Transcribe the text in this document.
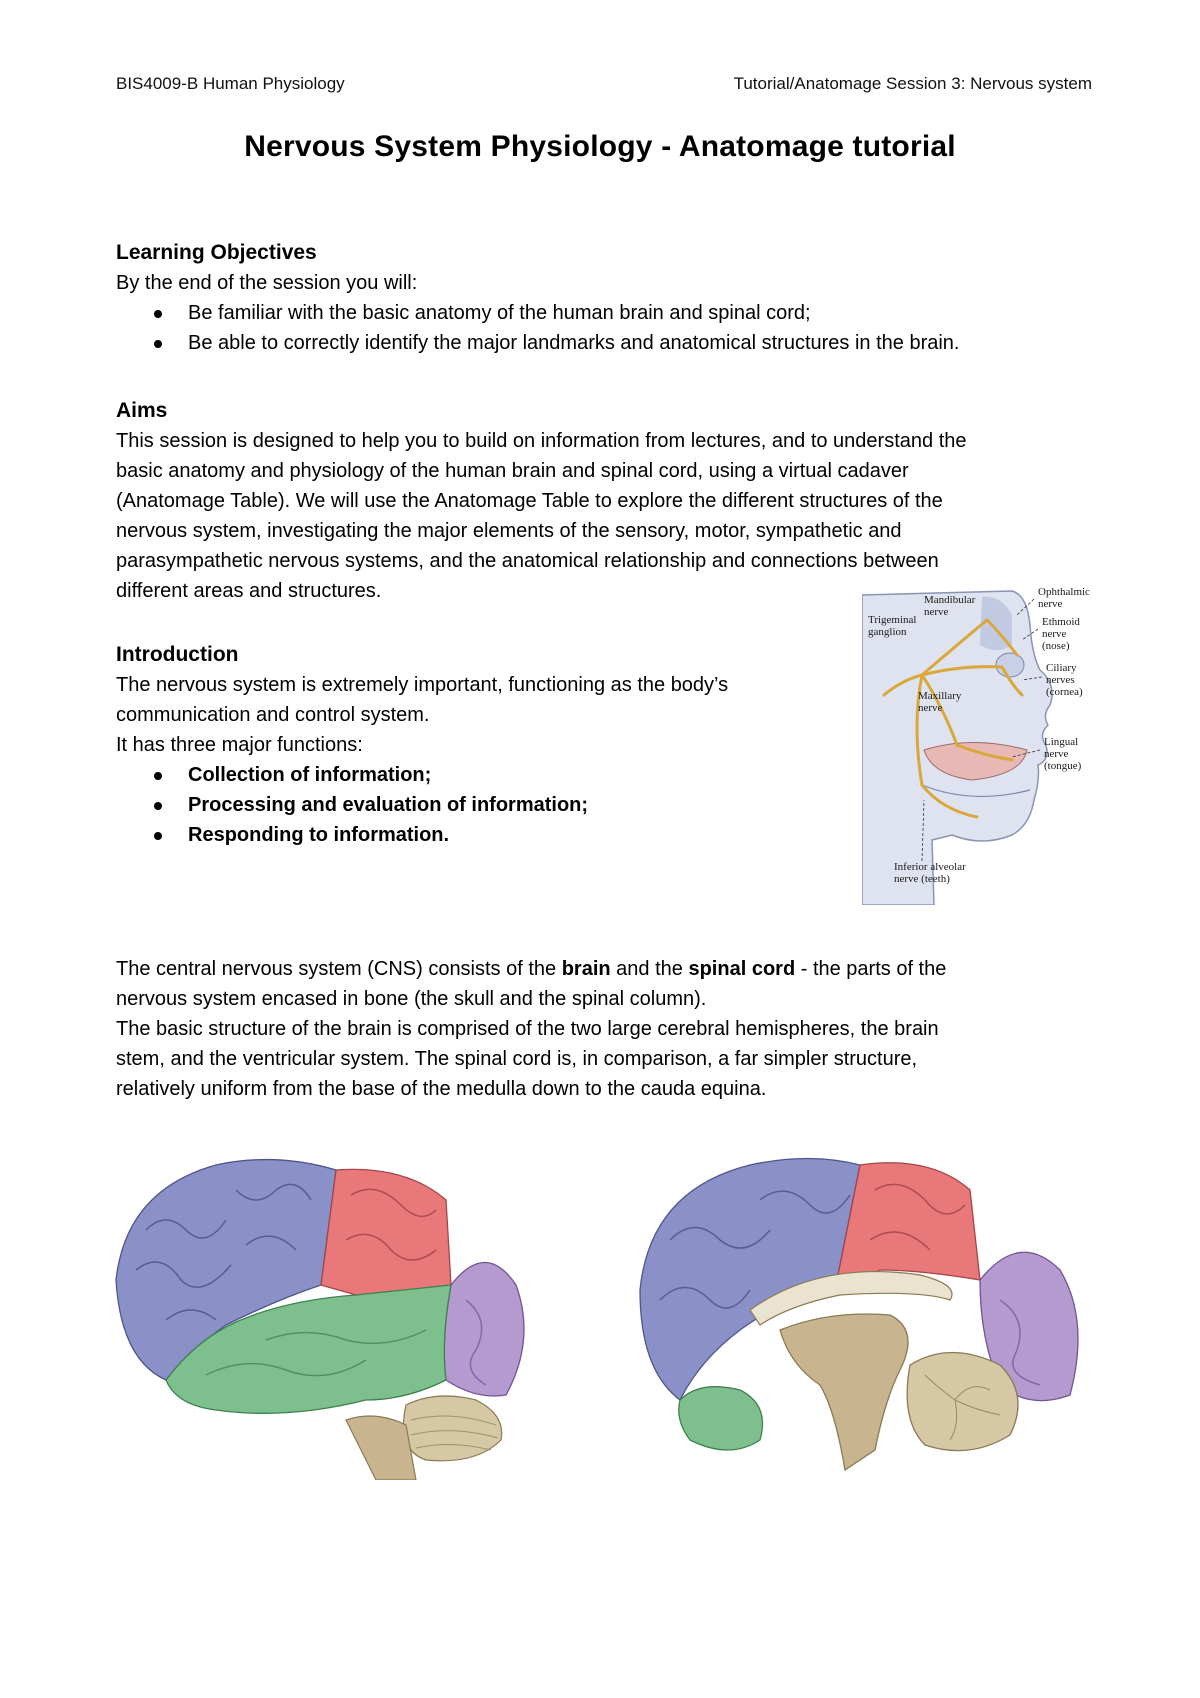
BIS4009-B Human Physiology	Tutorial/Anatomage Session 3: Nervous system
Nervous System Physiology - Anatomage tutorial
Learning Objectives
By the end of the session you will:
Be familiar with the basic anatomy of the human brain and spinal cord;
Be able to correctly identify the major landmarks and anatomical structures in the brain.
Aims
This session is designed to help you to build on information from lectures, and to understand the
basic anatomy and physiology of the human brain and spinal cord, using a virtual cadaver
(Anatomage Table). We will use the Anatomage Table to explore the different structures of the
nervous system, investigating the major elements of the sensory, motor, sympathetic and
parasympathetic nervous systems, and the anatomical relationship and connections between
different areas and structures.
Introduction
The nervous system is extremely important, functioning as the body’s
communication and control system.
It has three major functions:
Collection of information;
Processing and evaluation of information;
Responding to information.
Mandibular
nerve
Trigeminal
ganglion
Maxillary
nerve
Ophthalmic
nerve
Ethmoid
nerve
(nose)
Ciliary
nerves
(cornea)
Lingual
nerve
(tongue)
Inferior alveolar
nerve (teeth)
The central nervous system (CNS) consists of the brain and the spinal cord - the parts of the
nervous system encased in bone (the skull and the spinal column).
The basic structure of the brain is comprised of the two large cerebral hemispheres, the brain
stem, and the ventricular system. The spinal cord is, in comparison, a far simpler structure,
relatively uniform from the base of the medulla down to the cauda equina.
